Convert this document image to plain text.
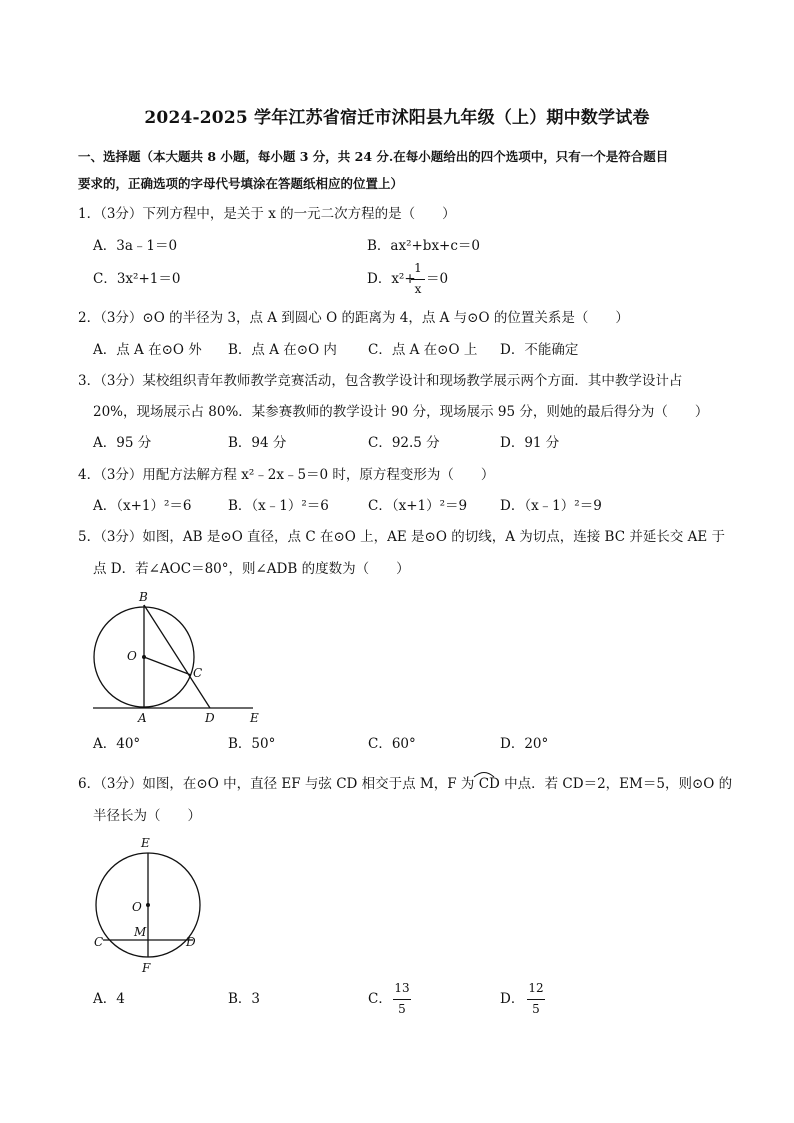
2024-2025 学年江苏省宿迁市沭阳县九年级（上）期中数学试卷
一、选择题（本大题共 8 小题，每小题 3 分，共 24 分.在每小题给出的四个选项中，只有一个是符合题目
要求的，正确选项的字母代号填涂在答题纸相应的位置上）
1．（3分）下列方程中，是关于 x 的一元二次方程的是（　　）
A．3a﹣1＝0	B．ax²+bx+c＝0
C．3x²+1＝0	D．x²+
1
x
＝0
2．（3分）⊙O 的半径为 3，点 A 到圆心 O 的距离为 4，点 A 与⊙O 的位置关系是（　　）
A．点 A 在⊙O 外 B．点 A 在⊙O 内 C．点 A 在⊙O 上 D．不能确定
3．（3分）某校组织青年教师教学竞赛活动，包含教学设计和现场教学展示两个方面．其中教学设计占
20%，现场展示占 80%．某参赛教师的教学设计 90 分，现场展示 95 分，则她的最后得分为（　　）
A．95 分	B．94 分	C．92.5 分	D．91 分
4．（3分）用配方法解方程 x²﹣2x﹣5＝0 时，原方程变形为（　　）
A．（x+1）²＝6	B．（x﹣1）²＝6	C．（x+1）²＝9 D．（x﹣1）²＝9
5．（3分）如图，AB 是⊙O 直径，点 C 在⊙O 上，AE 是⊙O 的切线，A 为切点，连接 BC 并延长交 AE 于
点 D．若∠AOC＝80°，则∠ADB 的度数为（　　）
B
O
C
A	D	E
A．40°	B．50°	C．60°	D．20°
6．（3分）如图，在⊙O 中，直径 EF 与弦 CD 相交于点 M，F 为 CD 中点．若 CD＝2，EM＝5，则⊙O 的
半径长为（　　）
E
O
M
C	D
F
A．4	B．3	C．
13
5
D．
12
5
